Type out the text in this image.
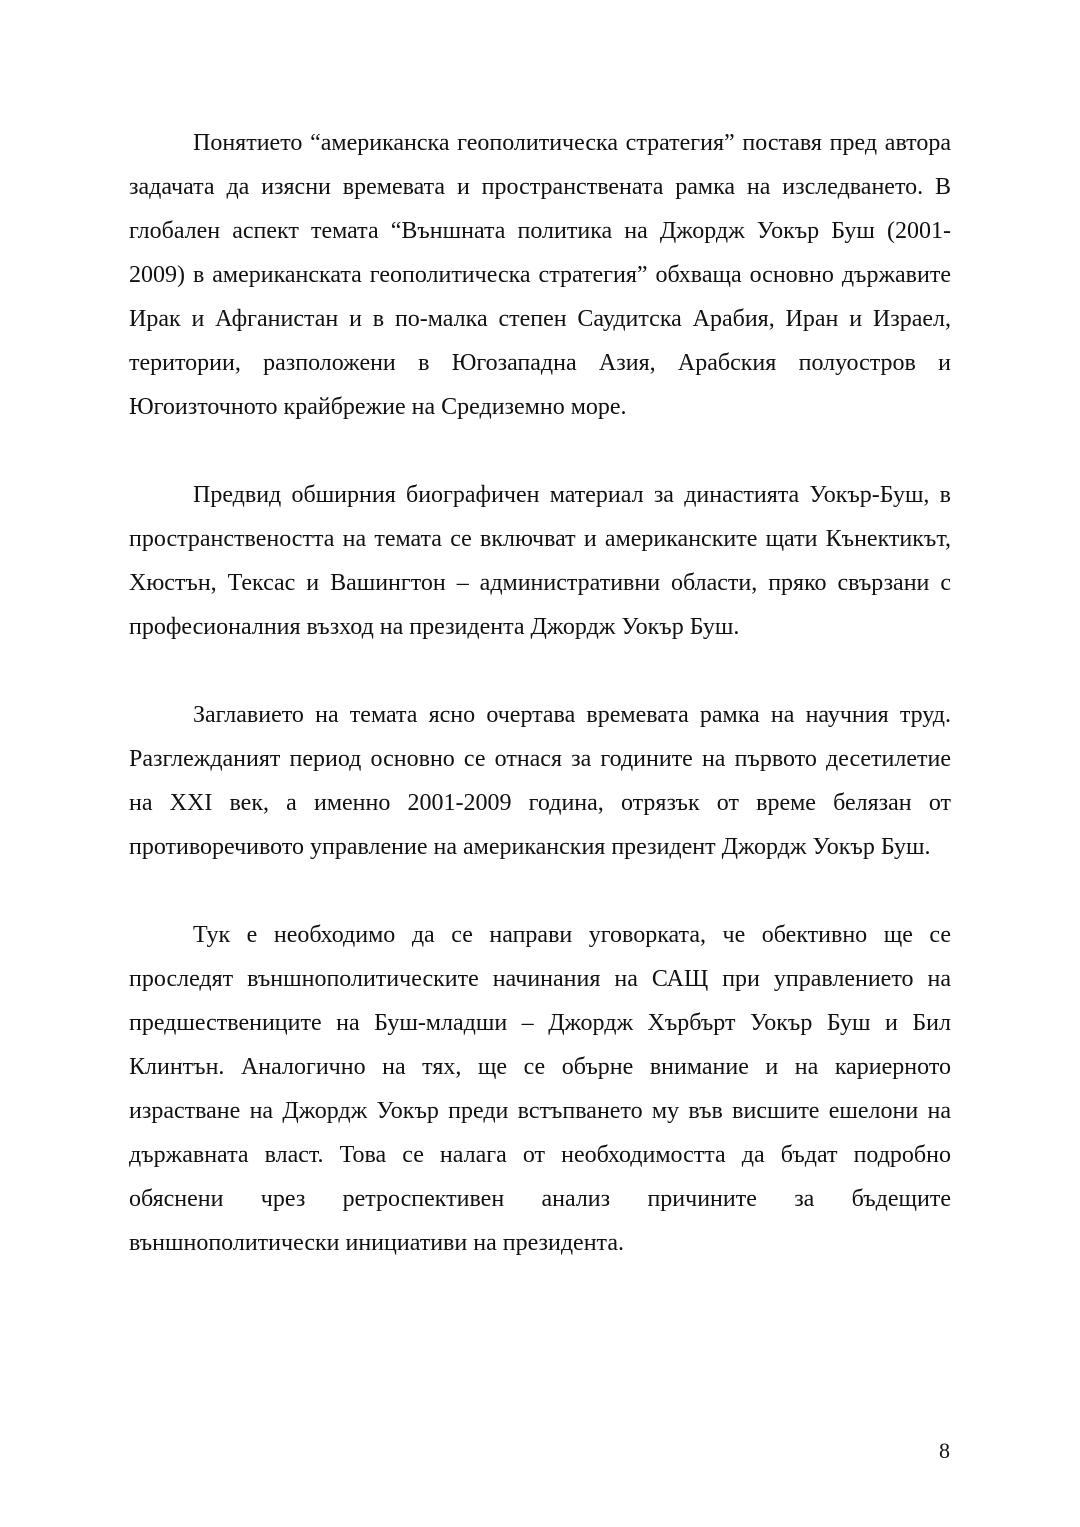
Понятието “американска геополитическа стратегия” поставя пред автора задачата да изясни времевата и пространствената рамка на изследването. В глобален аспект темата “Външната политика на Джордж Уокър Буш (2001-2009) в американската геополитическа стратегия” обхваща основно държавите Ирак и Афганистан и в по-малка степен Саудитска Арабия, Иран и Израел, територии, разположени в Югозападна Азия, Арабския полуостров и Югоизточното крайбрежие на Средиземно море.

Предвид обширния биографичен материал за династията Уокър-Буш, в пространствеността на темата се включват и американските щати Кънектикът, Хюстън, Тексас и Вашингтон – административни области, пряко свързани с професионалния възход на президента Джордж Уокър Буш.

Заглавието на темата ясно очертава времевата рамка на научния труд. Разглежданият период основно се отнася за годините на първото десетилетие на XXI век, а именно 2001-2009 година, отрязък от време белязан от противоречивото управление на американския президент Джордж Уокър Буш.

Тук е необходимо да се направи уговорката, че обективно ще се проследят външнополитическите начинания на САЩ при управлението на предшествениците на Буш-младши – Джордж Хърбърт Уокър Буш и Бил Клинтън. Аналогично на тях, ще се обърне внимание и на кариерното израстване на Джордж Уокър преди встъпването му във висшите ешелони на държавната власт. Това се налага от необходимостта да бъдат подробно обяснени чрез ретроспективен анализ причините за бъдещите външнополитически инициативи на президента.

8
